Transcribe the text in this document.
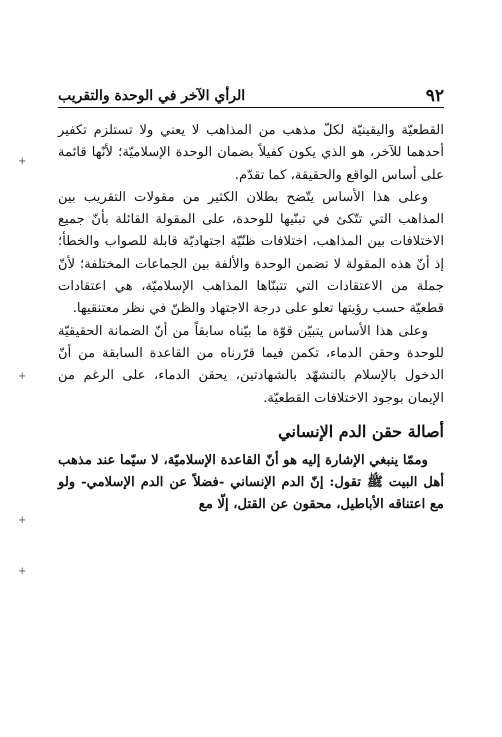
٩٢
الرأي الآخر في الوحدة والتقريب
+
+
+
+

القطعيّة واليقينيّة لكلّ مذهب من المذاهب لا يعني ولا تستلزم تكفير أحدهما للآخر، هو الذي يكون كفيلاً بضمان الوحدة الإسلاميّة؛ لأنّها قائمة على أساس الواقع والحقيقة، كما تقدّم.

وعلى هذا الأساس يتّضح بطلان الكثير من مقولات التقريب بين المذاهب التي تتّكئ في تبنّيها للوحدة، على المقولة القائلة بأنّ جميع الاختلافات بين المذاهب، اختلافات ظنّيّة اجتهاديّة قابلة للصواب والخطأ؛ إذ أنّ هذه المقولة لا تضمن الوحدة والألفة بين الجماعات المختلفة؛ لأنّ جملة من الاعتقادات التي تتبنّاها المذاهب الإسلاميّة، هي اعتقادات قطعيّة حسب رؤيتها تعلو على درجة الاجتهاد والظنّ في نظر معتنقيها.

وعلى هذا الأساس يتبيّن قوّة ما بيّناه سابقاً من أنّ الضمانة الحقيقيّة للوحدة وحقن الدماء، تكمن فيما قرّرناه من القاعدة السابقة من أنّ الدخول بالإسلام بالتشهّد بالشهادتين، يحقن الدماء، على الرغم من الإيمان بوجود الاختلافات القطعيّة.

أصالة حقن الدم الإنساني

وممّا ينبغي الإشارة إليه هو أنّ القاعدة الإسلاميّة، لا سيّما عند مذهب أهل البيت ﷺ تقول: إنّ الدم الإنساني -فضلاً عن الدم الإسلامي- ولو مع اعتناقه الأباطيل، محقون عن القتل، إلّا مع
